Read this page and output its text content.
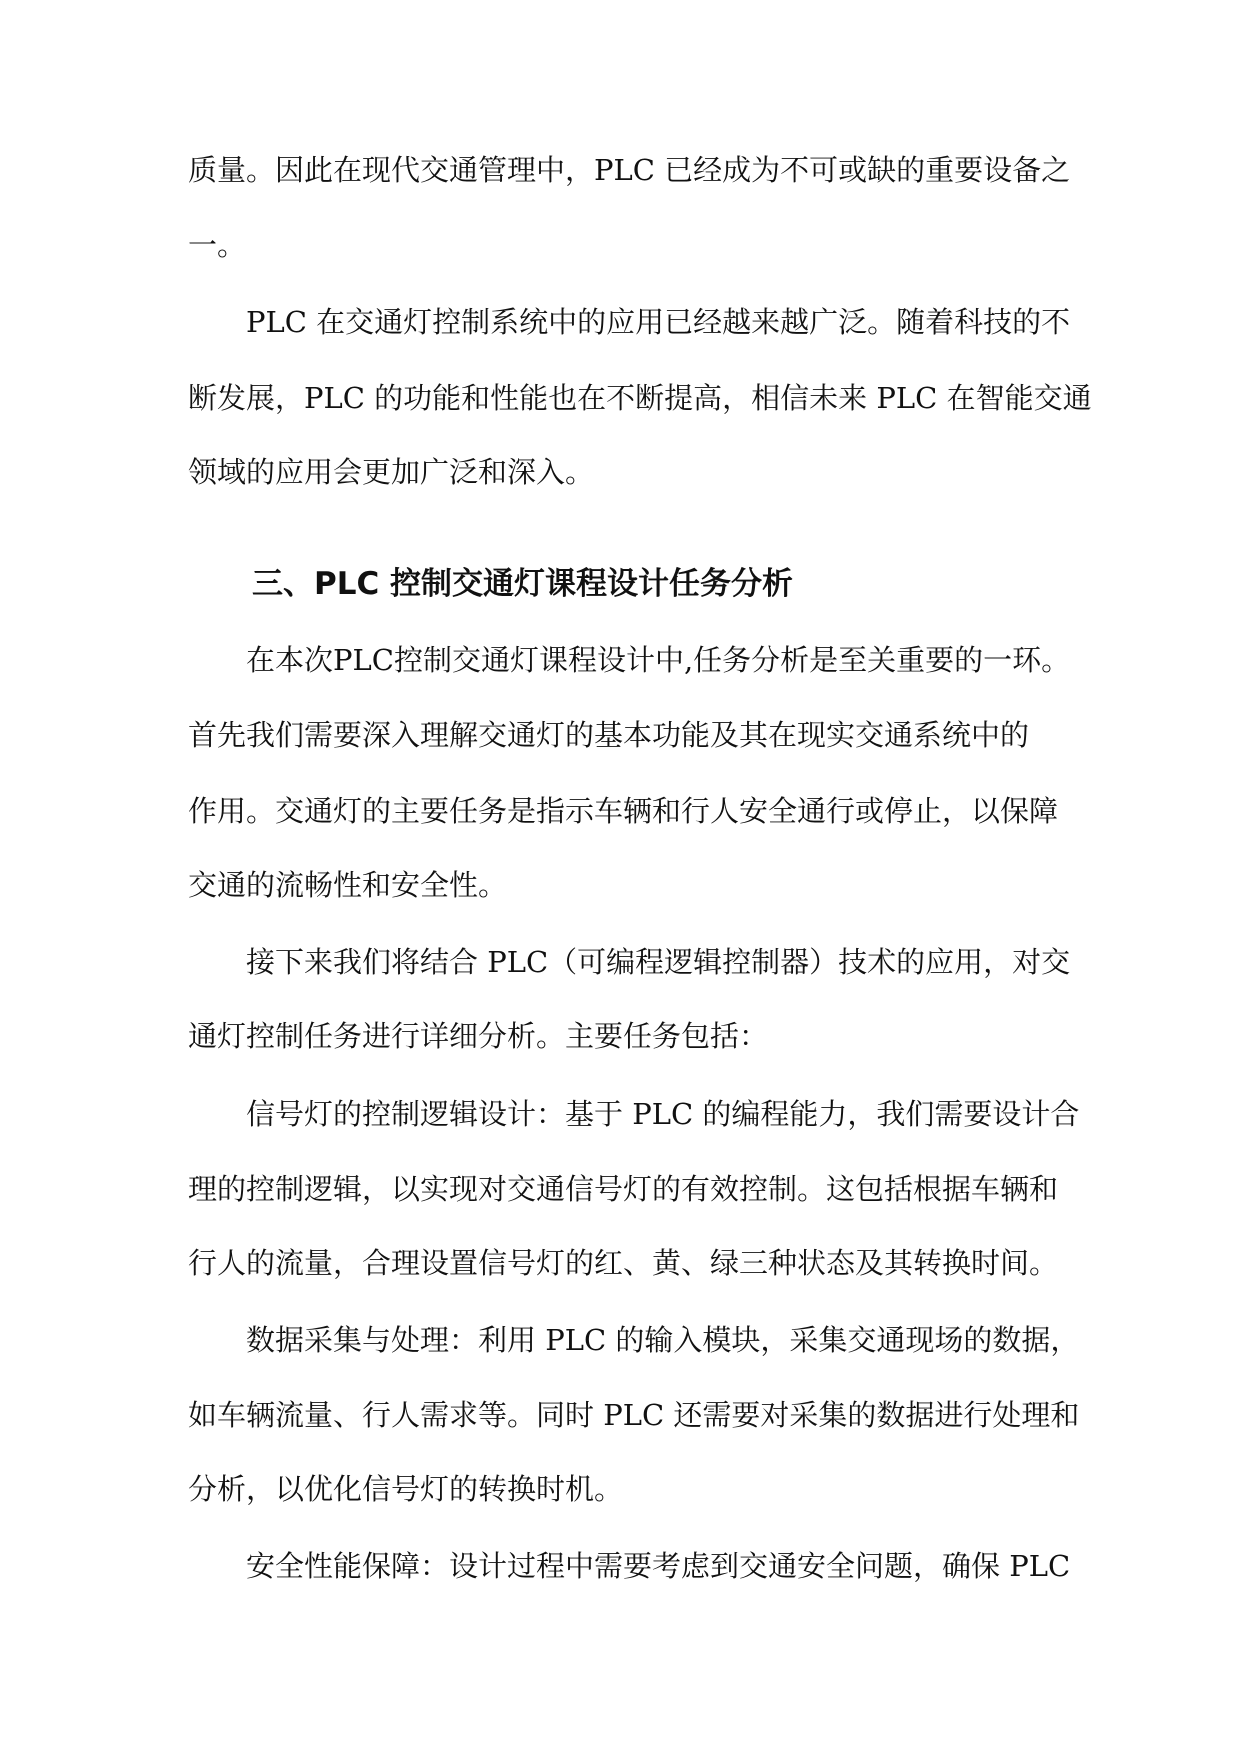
质量。因此在现代交通管理中，PLC 已经成为不可或缺的重要设备之
一。
PLC 在交通灯控制系统中的应用已经越来越广泛。随着科技的不
断发展，PLC 的功能和性能也在不断提高，相信未来 PLC 在智能交通
领域的应用会更加广泛和深入。
三、PLC 控制交通灯课程设计任务分析
在本次PLC控制交通灯课程设计中,任务分析是至关重要的一环。
首先我们需要深入理解交通灯的基本功能及其在现实交通系统中的
作用。交通灯的主要任务是指示车辆和行人安全通行或停止，以保障
交通的流畅性和安全性。
接下来我们将结合 PLC（可编程逻辑控制器）技术的应用，对交
通灯控制任务进行详细分析。主要任务包括：
信号灯的控制逻辑设计：基于 PLC 的编程能力，我们需要设计合
理的控制逻辑，以实现对交通信号灯的有效控制。这包括根据车辆和
行人的流量，合理设置信号灯的红、黄、绿三种状态及其转换时间。
数据采集与处理：利用 PLC 的输入模块，采集交通现场的数据，
如车辆流量、行人需求等。同时 PLC 还需要对采集的数据进行处理和
分析，以优化信号灯的转换时机。
安全性能保障：设计过程中需要考虑到交通安全问题，确保 PLC
